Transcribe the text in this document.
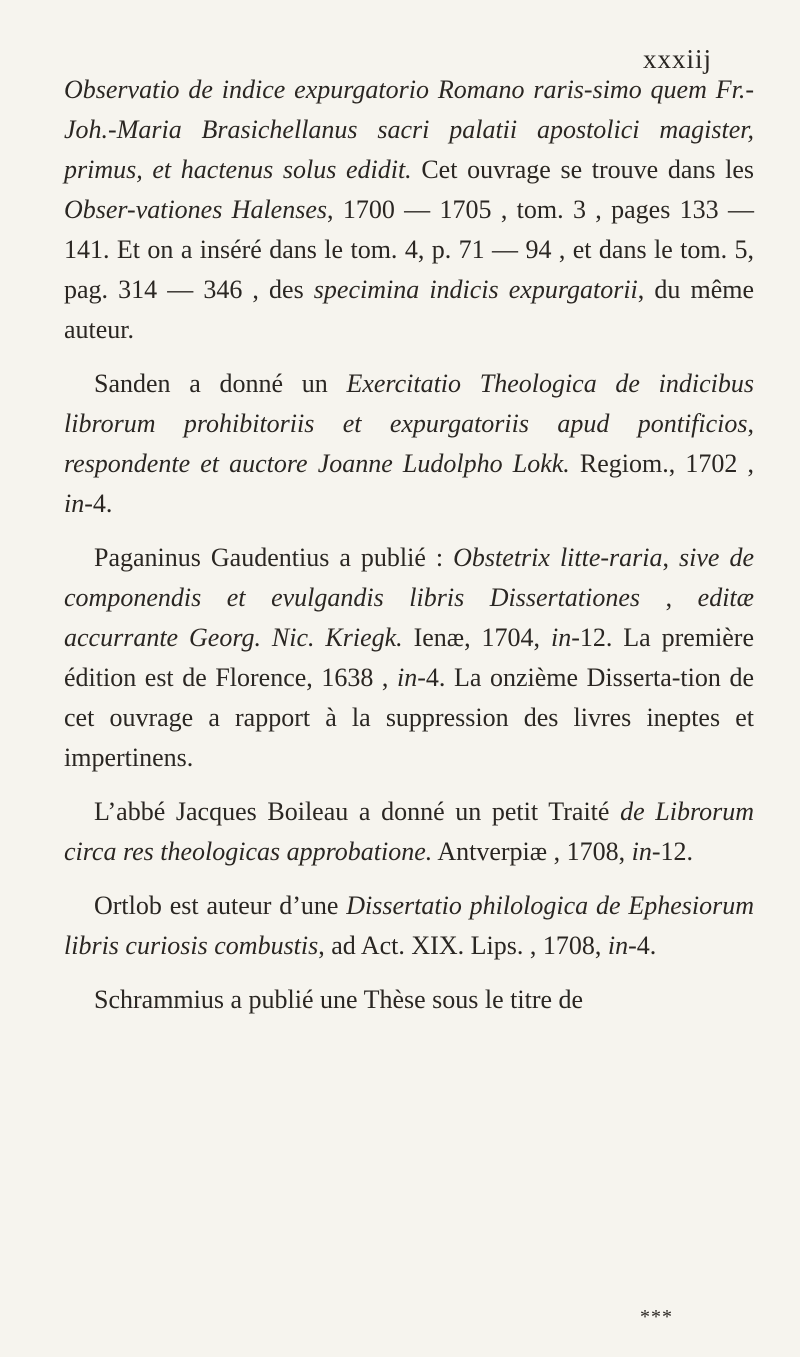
xxxiij

Observatio de indice expurgatorio Romano raris-simo quem Fr.-Joh.-Maria Brasichellanus sacri palatii apostolici magister, primus, et hactenus solus edidit. Cet ouvrage se trouve dans les Obser-vationes Halenses, 1700 — 1705 , tom. 3 , pages 133 — 141. Et on a inséré dans le tom. 4, p. 71 — 94 , et dans le tom. 5, pag. 314 — 346 , des specimina indicis expurgatorii, du même auteur.

Sanden a donné un Exercitatio Theologica de indicibus librorum prohibitoriis et expurgatoriis apud pontificios, respondente et auctore Joanne Ludolpho Lokk. Regiom., 1702 , in-4.

Paganinus Gaudentius a publié : Obstetrix litte-raria, sive de componendis et evulgandis libris Dissertationes , editæ accurrante Georg. Nic. Kriegk. Ienæ, 1704, in-12. La première édition est de Florence, 1638 , in-4. La onzième Disserta-tion de cet ouvrage a rapport à la suppression des livres ineptes et impertinens.

L’abbé Jacques Boileau a donné un petit Traité de Librorum circa res theologicas approbatione. Antverpiæ , 1708, in-12.

Ortlob est auteur d’une Dissertatio philologica de Ephesiorum libris curiosis combustis, ad Act. XIX. Lips. , 1708, in-4.

Schrammius a publié une Thèse sous le titre de

***
